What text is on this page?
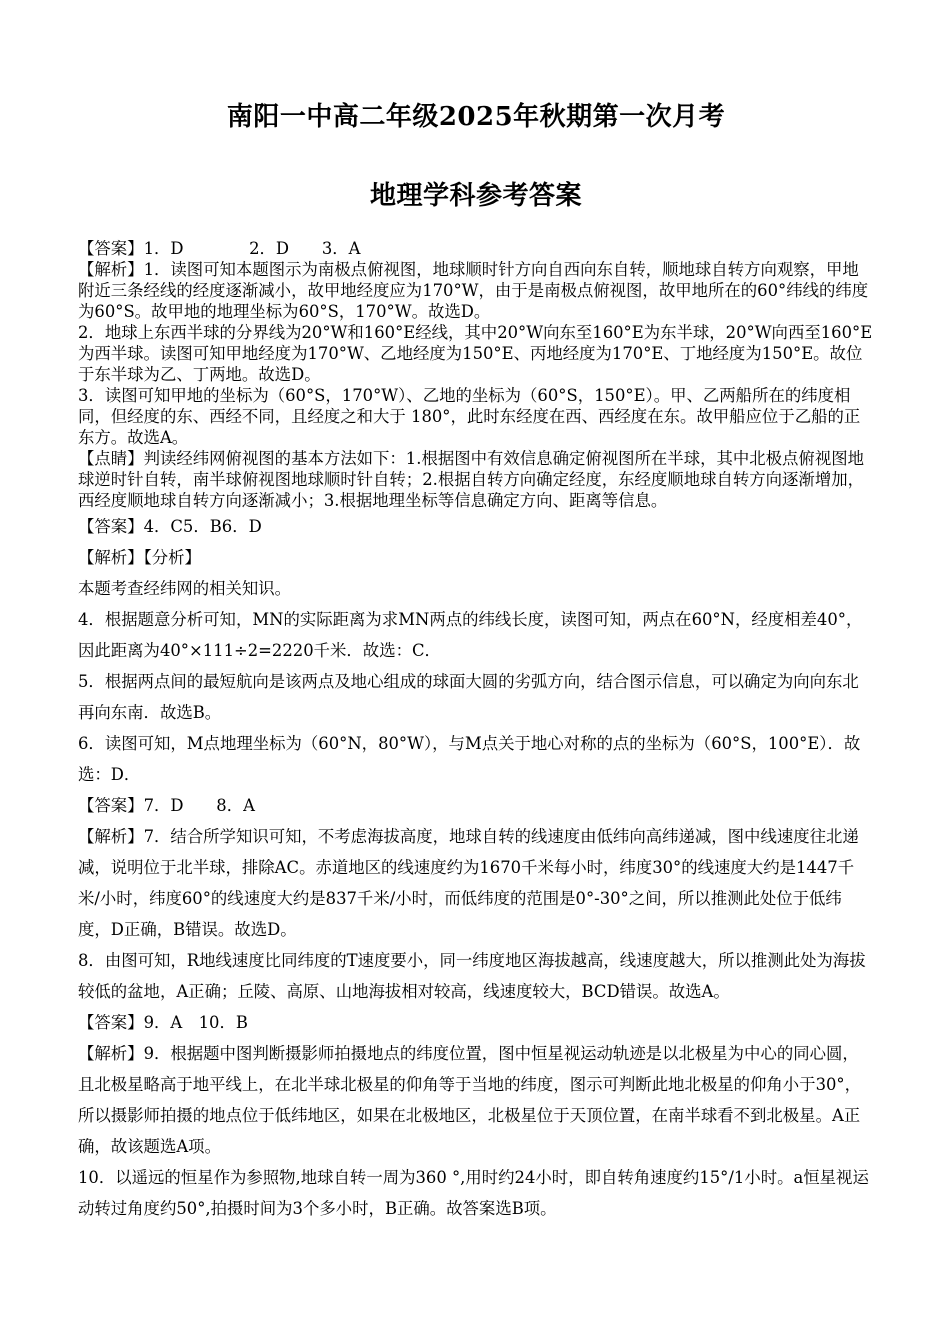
南阳一中高二年级2025年秋期第一次月考
地理学科参考答案

【答案】1．D　　　　2．D　　3．A

【解析】1．读图可知本题图示为南极点俯视图，地球顺时针方向自西向东自转，顺地球自转方向观察，甲地附近三条经线的经度逐渐减小，故甲地经度应为170°W，由于是南极点俯视图，故甲地所在的60°纬线的纬度为60°S。故甲地的地理坐标为60°S，170°W。故选D。

2．地球上东西半球的分界线为20°W和160°E经线，其中20°W向东至160°E为东半球，20°W向西至160°E为西半球。读图可知甲地经度为170°W、乙地经度为150°E、丙地经度为170°E、丁地经度为150°E。故位于东半球为乙、丁两地。故选D。

3．读图可知甲地的坐标为（60°S，170°W）、乙地的坐标为（60°S，150°E）。甲、乙两船所在的纬度相同，但经度的东、西经不同，且经度之和大于 180°，此时东经度在西、西经度在东。故甲船应位于乙船的正东方。故选A。

【点睛】判读经纬网俯视图的基本方法如下：1.根据图中有效信息确定俯视图所在半球，其中北极点俯视图地球逆时针自转，南半球俯视图地球顺时针自转；2.根据自转方向确定经度，东经度顺地球自转方向逐渐增加，西经度顺地球自转方向逐渐减小；3.根据地理坐标等信息确定方向、距离等信息。

【答案】4．C5．B6．D

【解析】【分析】

本题考查经纬网的相关知识。

4．根据题意分析可知，MN的实际距离为求MN两点的纬线长度，读图可知，两点在60°N，经度相差40°，因此距离为40°×111÷2=2220千米．故选：C．

5．根据两点间的最短航向是该两点及地心组成的球面大圆的劣弧方向，结合图示信息，可以确定为向向东北再向东南．故选B。

6．读图可知，M点地理坐标为（60°N，80°W），与M点关于地心对称的点的坐标为（60°S，100°E）．故选：D．

【答案】7．D　　8．A

【解析】7．结合所学知识可知，不考虑海拔高度，地球自转的线速度由低纬向高纬递减，图中线速度往北递减，说明位于北半球，排除AC。赤道地区的线速度约为1670千米每小时，纬度30°的线速度大约是1447千米/小时，纬度60°的线速度大约是837千米/小时，而低纬度的范围是0°-30°之间，所以推测此处位于低纬度，D正确，B错误。故选D。

8．由图可知，R地线速度比同纬度的T速度要小，同一纬度地区海拔越高，线速度越大，所以推测此处为海拔较低的盆地，A正确；丘陵、高原、山地海拔相对较高，线速度较大，BCD错误。故选A。

【答案】9．A　10．B

【解析】9．根据题中图判断摄影师拍摄地点的纬度位置，图中恒星视运动轨迹是以北极星为中心的同心圆，且北极星略高于地平线上，在北半球北极星的仰角等于当地的纬度，图示可判断此地北极星的仰角小于30°，所以摄影师拍摄的地点位于低纬地区，如果在北极地区，北极星位于天顶位置，在南半球看不到北极星。A正确，故该题选A项。

10．以遥远的恒星作为参照物,地球自转一周为360 °,用时约24小时，即自转角速度约15°/1小时。a恒星视运动转过角度约50°,拍摄时间为3个多小时，B正确。故答案选B项。
